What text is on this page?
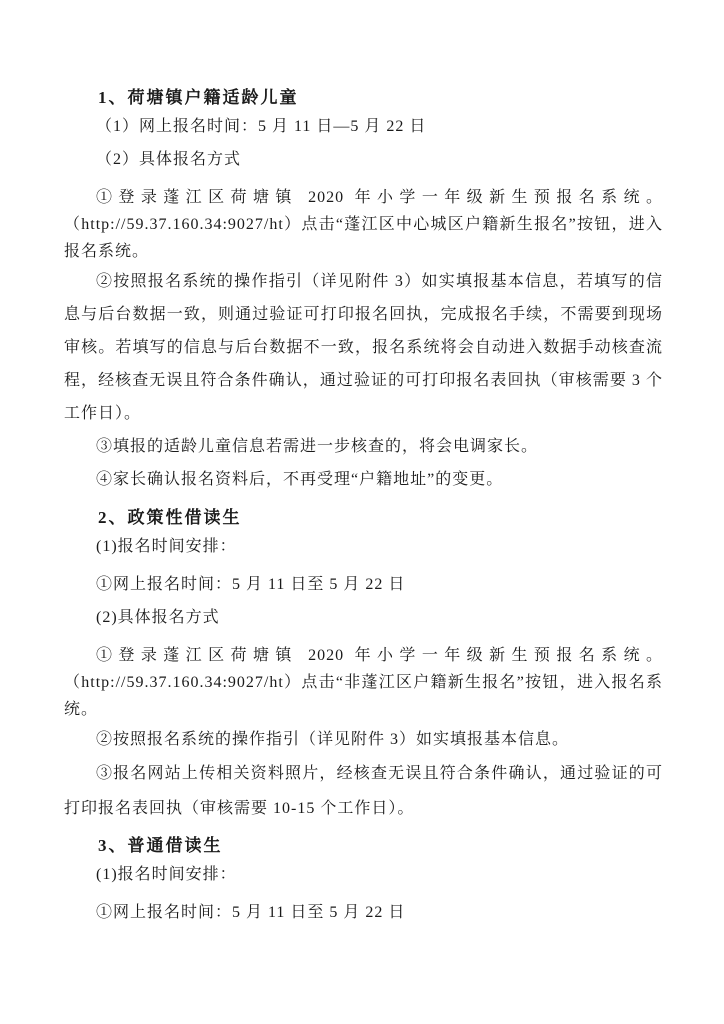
1、荷塘镇户籍适龄儿童

（1）网上报名时间：5 月 11 日—5 月 22 日

（2）具体报名方式

①登录蓬江区荷塘镇 2020 年小学一年级新生预报名系统。（http://59.37.160.34:9027/ht）点击“蓬江区中心城区户籍新生报名”按钮，进入报名系统。

②按照报名系统的操作指引（详见附件 3）如实填报基本信息，若填写的信息与后台数据一致，则通过验证可打印报名回执，完成报名手续，不需要到现场审核。若填写的信息与后台数据不一致，报名系统将会自动进入数据手动核查流程，经核查无误且符合条件确认，通过验证的可打印报名表回执（审核需要 3 个工作日）。

③填报的适龄儿童信息若需进一步核查的，将会电调家长。

④家长确认报名资料后，不再受理“户籍地址”的变更。

2、政策性借读生

(1)报名时间安排：

①网上报名时间：5 月 11 日至 5 月 22 日

(2)具体报名方式

①登录蓬江区荷塘镇 2020 年小学一年级新生预报名系统。（http://59.37.160.34:9027/ht）点击“非蓬江区户籍新生报名”按钮，进入报名系统。

②按照报名系统的操作指引（详见附件 3）如实填报基本信息。

③报名网站上传相关资料照片，经核查无误且符合条件确认，通过验证的可打印报名表回执（审核需要 10-15 个工作日）。

3、普通借读生

(1)报名时间安排：

①网上报名时间：5 月 11 日至 5 月 22 日
